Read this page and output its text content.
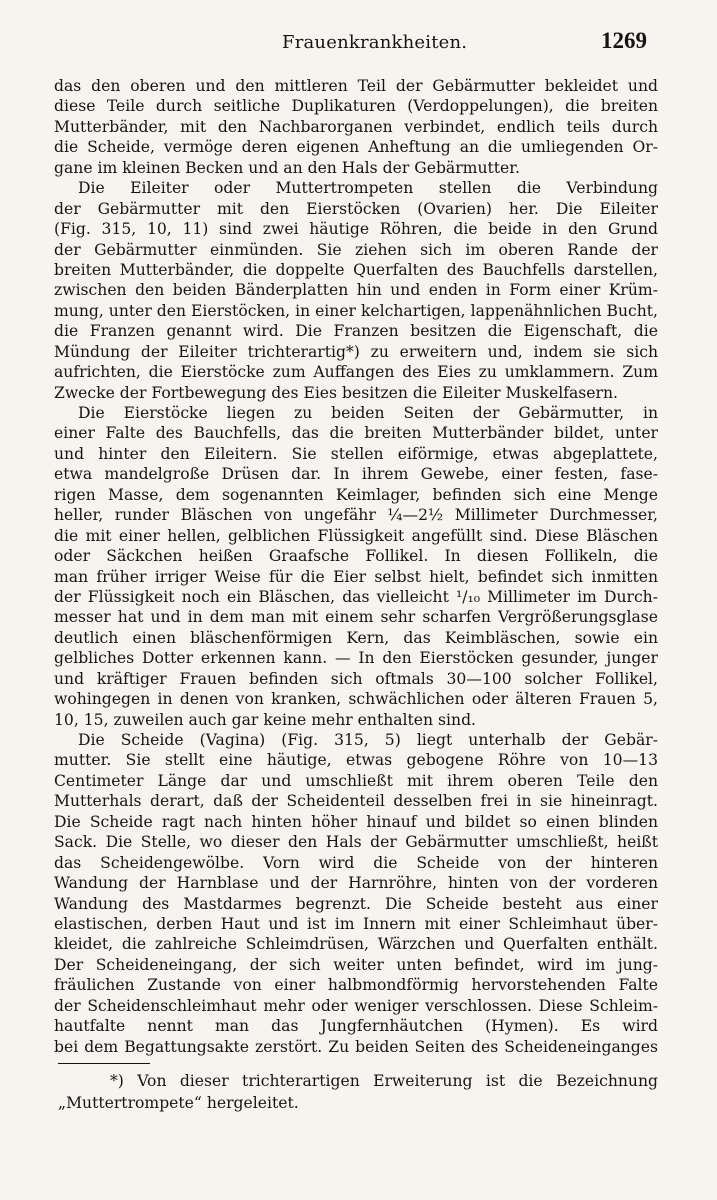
Frauenkrankheiten.	1269
das den oberen und den mittleren Teil der Gebärmutter bekleidet und
diese Teile durch seitliche Duplikaturen (Verdoppelungen), die breiten
Mutterbänder, mit den Nachbarorganen verbindet, endlich teils durch
die Scheide, vermöge deren eigenen Anheftung an die umliegenden Or-
gane im kleinen Becken und an den Hals der Gebärmutter.
Die Eileiter oder Muttertrompeten stellen die Verbindung
der Gebärmutter mit den Eierstöcken (Ovarien) her. Die Eileiter
(Fig. 315, 10, 11) sind zwei häutige Röhren, die beide in den Grund
der Gebärmutter einmünden. Sie ziehen sich im oberen Rande der
breiten Mutterbänder, die doppelte Querfalten des Bauchfells darstellen,
zwischen den beiden Bänderplatten hin und enden in Form einer Krüm-
mung, unter den Eierstöcken, in einer kelchartigen, lappenähnlichen Bucht,
die Franzen genannt wird. Die Franzen besitzen die Eigenschaft, die
Mündung der Eileiter trichterartig*) zu erweitern und, indem sie sich
aufrichten, die Eierstöcke zum Auffangen des Eies zu umklammern. Zum
Zwecke der Fortbewegung des Eies besitzen die Eileiter Muskelfasern.
Die Eierstöcke liegen zu beiden Seiten der Gebärmutter, in
einer Falte des Bauchfells, das die breiten Mutterbänder bildet, unter
und hinter den Eileitern. Sie stellen eiförmige, etwas abgeplattete,
etwa mandelgroße Drüsen dar. In ihrem Gewebe, einer festen, fase-
rigen Masse, dem sogenannten Keimlager, befinden sich eine Menge
heller, runder Bläschen von ungefähr ¼—2½ Millimeter Durchmesser,
die mit einer hellen, gelblichen Flüssigkeit angefüllt sind. Diese Bläschen
oder Säckchen heißen Graafsche Follikel. In diesen Follikeln, die
man früher irriger Weise für die Eier selbst hielt, befindet sich inmitten
der Flüssigkeit noch ein Bläschen, das vielleicht ¹/₁₀ Millimeter im Durch-
messer hat und in dem man mit einem sehr scharfen Vergrößerungsglase
deutlich einen bläschenförmigen Kern, das Keimbläschen, sowie ein
gelbliches Dotter erkennen kann. — In den Eierstöcken gesunder, junger
und kräftiger Frauen befinden sich oftmals 30—100 solcher Follikel,
wohingegen in denen von kranken, schwächlichen oder älteren Frauen 5,
10, 15, zuweilen auch gar keine mehr enthalten sind.
Die Scheide (Vagina) (Fig. 315, 5) liegt unterhalb der Gebär-
mutter. Sie stellt eine häutige, etwas gebogene Röhre von 10—13
Centimeter Länge dar und umschließt mit ihrem oberen Teile den
Mutterhals derart, daß der Scheidenteil desselben frei in sie hineinragt.
Die Scheide ragt nach hinten höher hinauf und bildet so einen blinden
Sack. Die Stelle, wo dieser den Hals der Gebärmutter umschließt, heißt
das Scheidengewölbe. Vorn wird die Scheide von der hinteren
Wandung der Harnblase und der Harnröhre, hinten von der vorderen
Wandung des Mastdarmes begrenzt. Die Scheide besteht aus einer
elastischen, derben Haut und ist im Innern mit einer Schleimhaut über-
kleidet, die zahlreiche Schleimdrüsen, Wärzchen und Querfalten enthält.
Der Scheideneingang, der sich weiter unten befindet, wird im jung-
fräulichen Zustande von einer halbmondförmig hervorstehenden Falte
der Scheidenschleimhaut mehr oder weniger verschlossen. Diese Schleim-
hautfalte nennt man das Jungfernhäutchen (Hymen). Es wird
bei dem Begattungsakte zerstört. Zu beiden Seiten des Scheideneinganges
*) Von dieser trichterartigen Erweiterung ist die Bezeichnung
„Muttertrompete“ hergeleitet.
